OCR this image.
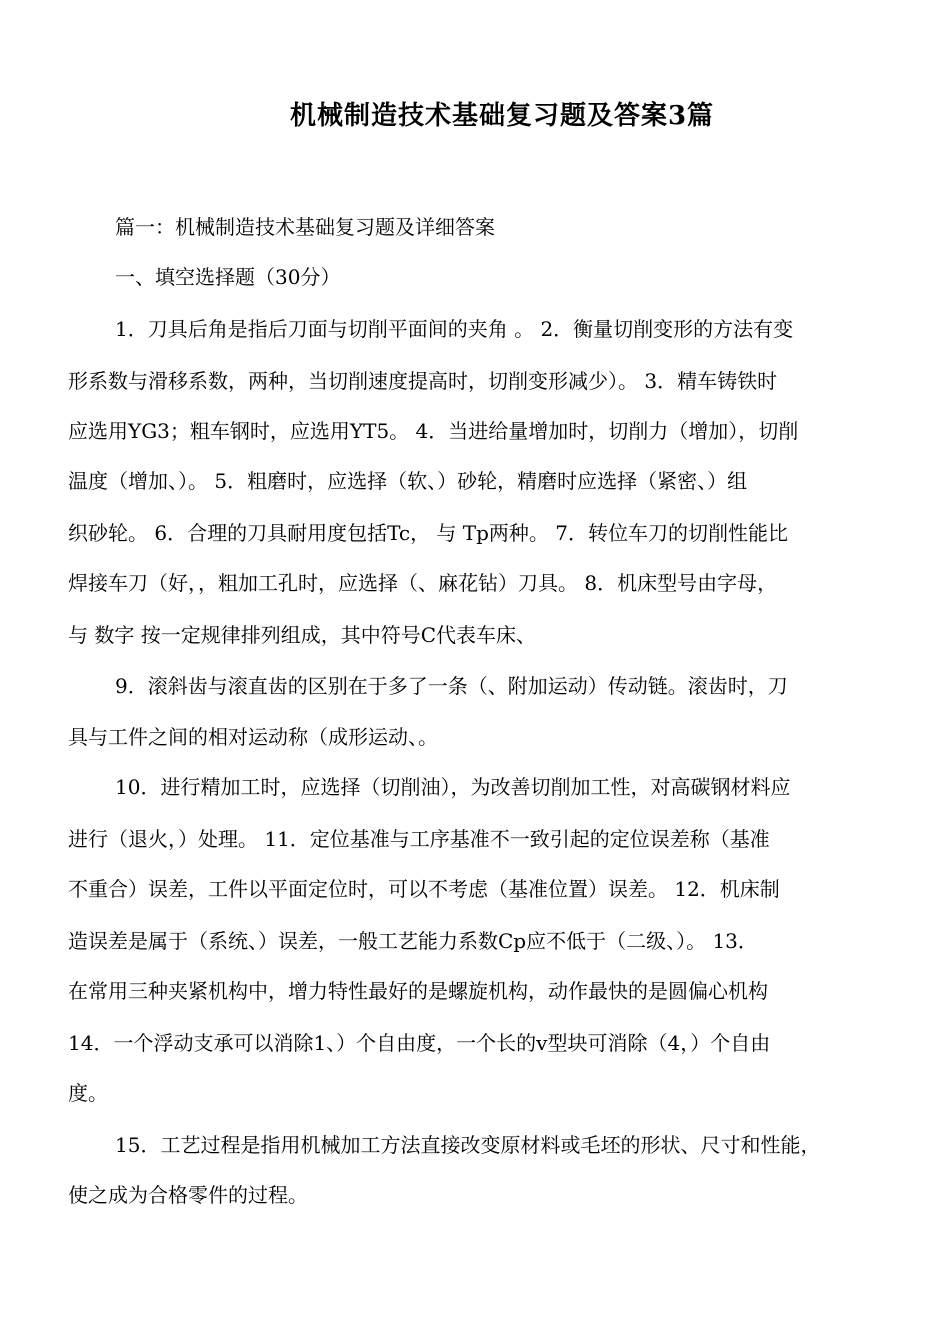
机械制造技术基础复习题及答案3篇
篇一：机械制造技术基础复习题及详细答案
一、填空选择题（30分）
1．刀具后角是指后刀面与切削平面间的夹角 。 2．衡量切削变形的方法有变
形系数与滑移系数，两种，当切削速度提高时，切削变形减少）。 3．精车铸铁时
应选用YG3；粗车钢时，应选用YT5。 4．当进给量增加时，切削力（增加），切削
温度（增加、）。 5．粗磨时，应选择（软、）砂轮，精磨时应选择（紧密、）组
织砂轮。 6．合理的刀具耐用度包括Tc， 与 Tp两种。 7．转位车刀的切削性能比
焊接车刀（好，，粗加工孔时，应选择（、麻花钻）刀具。 8．机床型号由字母，
与 数字 按一定规律排列组成，其中符号C代表车床、
9．滚斜齿与滚直齿的区别在于多了一条（、附加运动）传动链。滚齿时，刀
具与工件之间的相对运动称（成形运动、。
10．进行精加工时，应选择（切削油），为改善切削加工性，对高碳钢材料应
进行（退火，）处理。 11．定位基准与工序基准不一致引起的定位误差称（基准
不重合）误差，工件以平面定位时，可以不考虑（基准位置）误差。 12．机床制
造误差是属于（系统、）误差，一般工艺能力系数Cp应不低于（二级、）。 13．
在常用三种夹紧机构中，增力特性最好的是螺旋机构，动作最快的是圆偏心机构
14．一个浮动支承可以消除1、）个自由度，一个长的v型块可消除（4，）个自由
度。
15．工艺过程是指用机械加工方法直接改变原材料或毛坯的形状、尺寸和性能，
使之成为合格零件的过程。
